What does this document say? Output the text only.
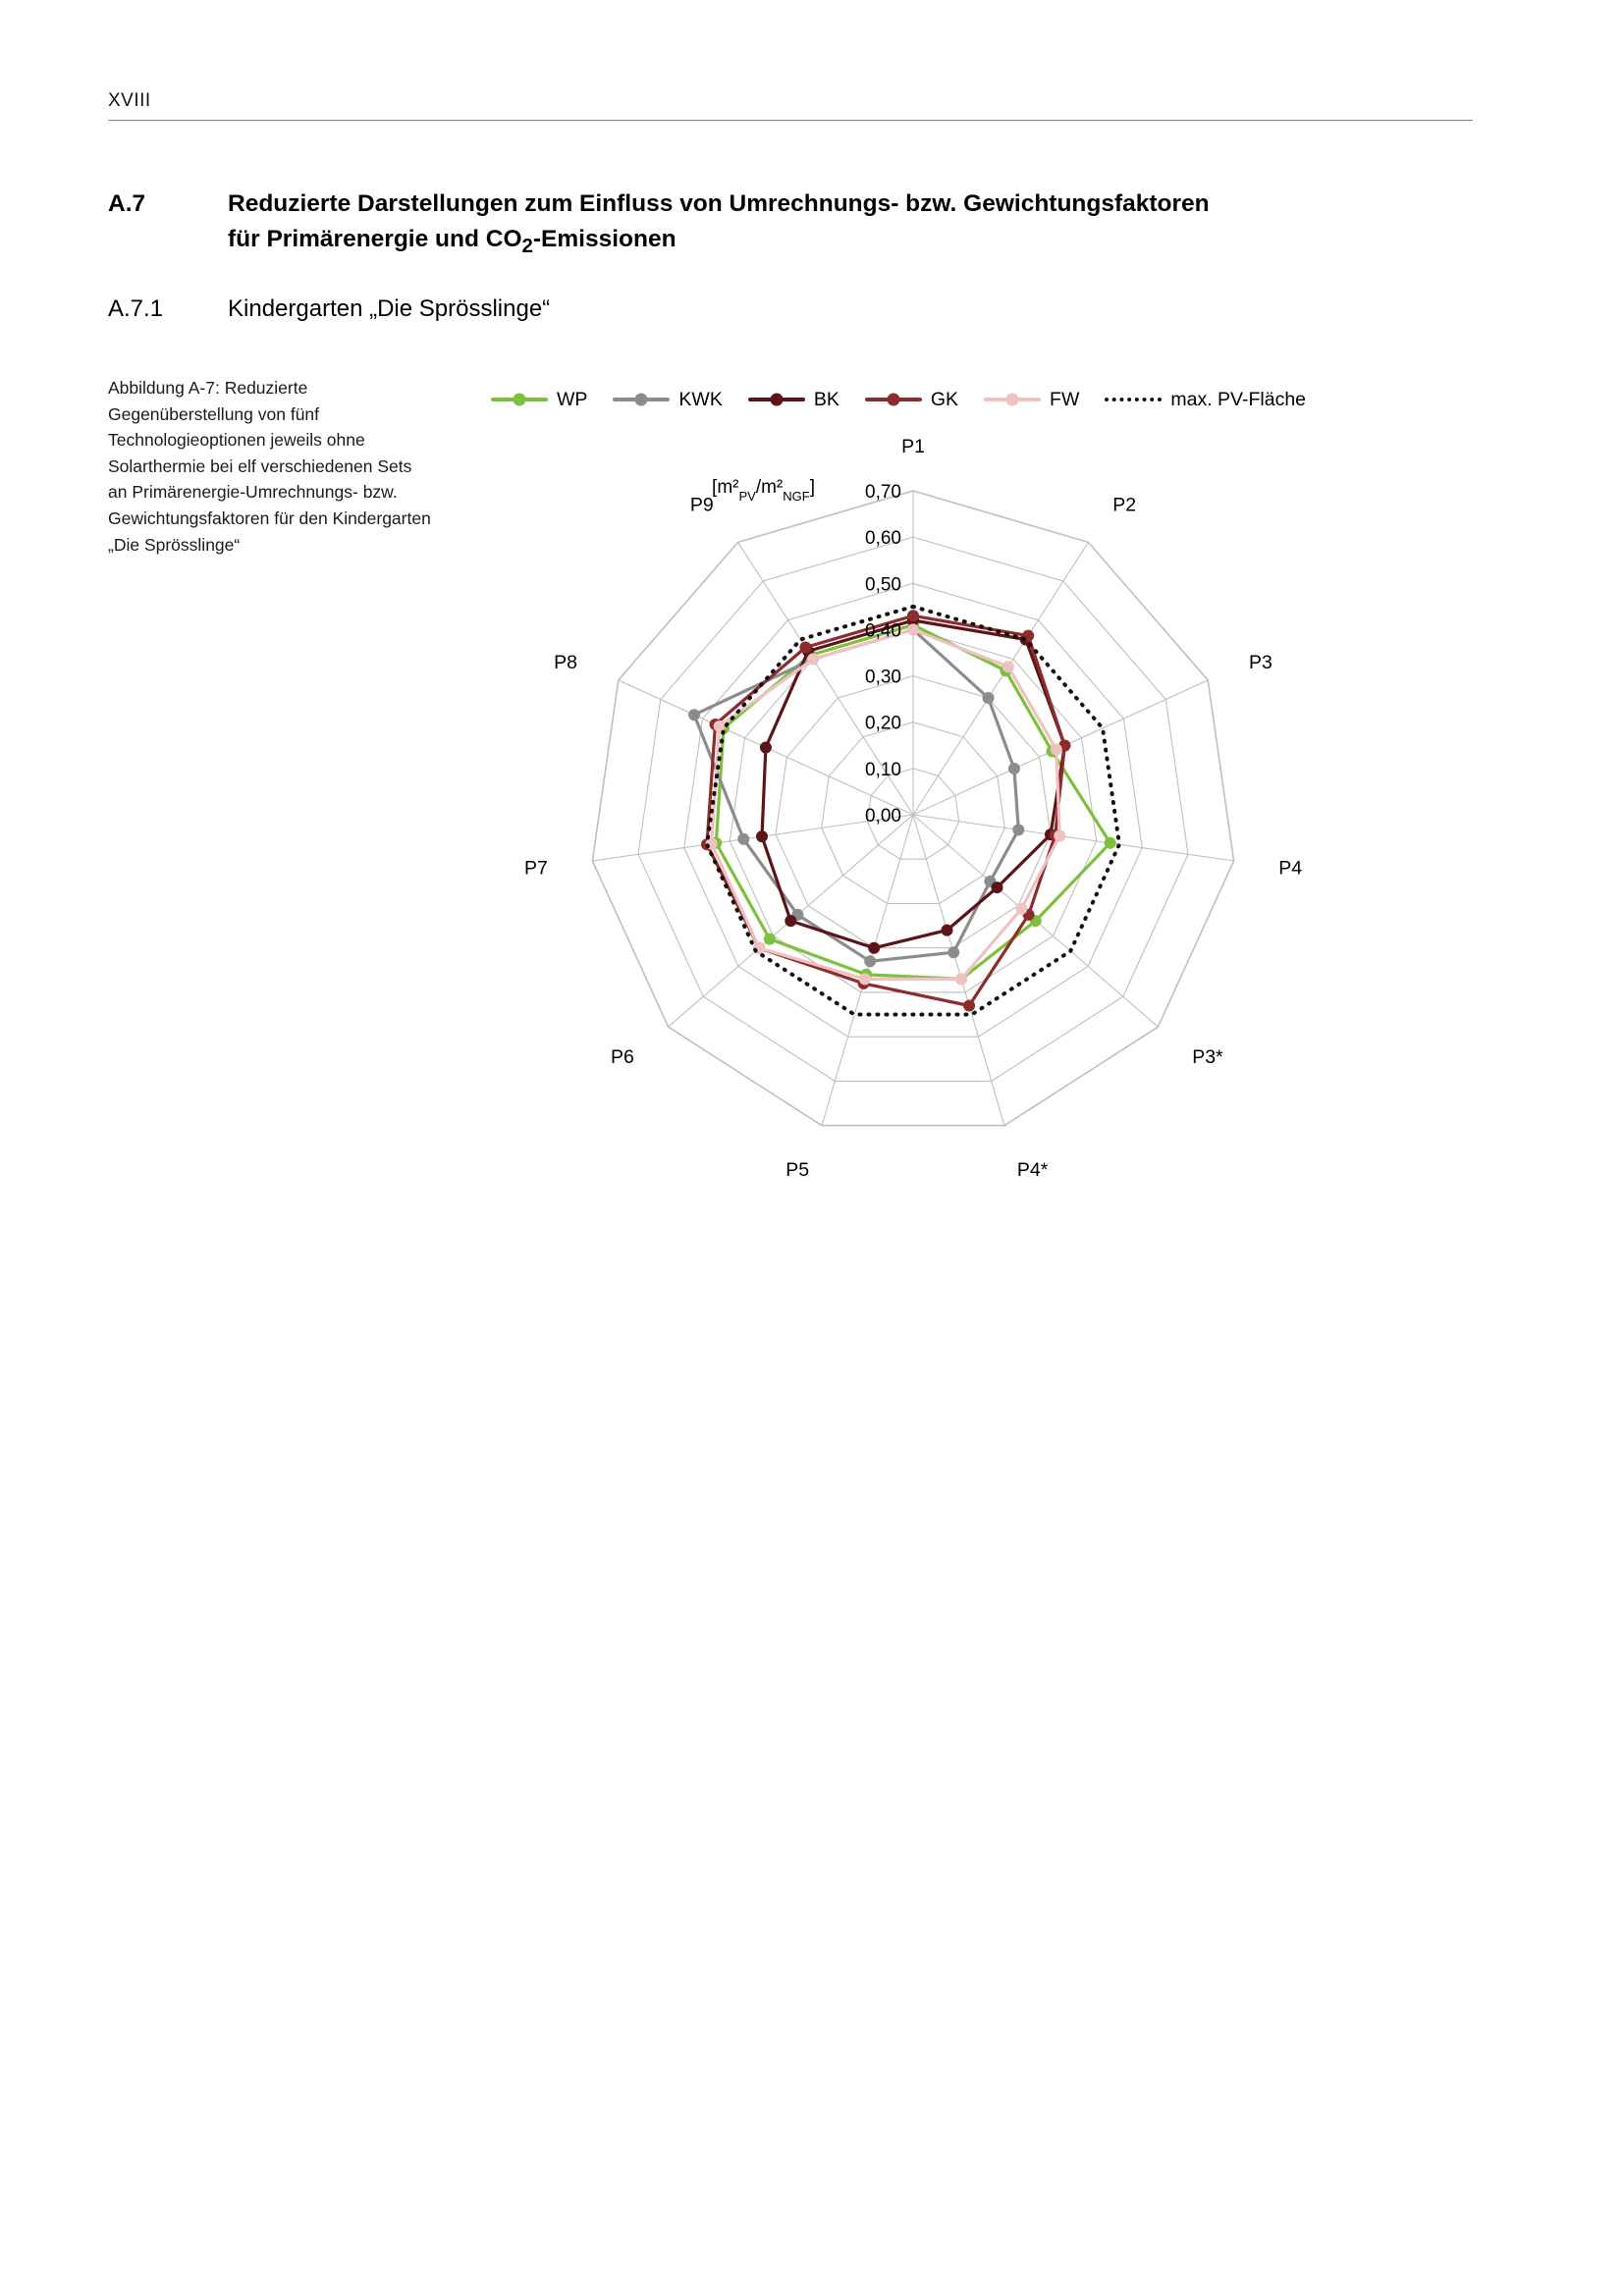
XVIII
A.7	Reduzierte Darstellungen zum Einfluss von Umrechnungs- bzw. Gewichtungsfaktoren
für Primärenergie und $CO_2$-Emissionen
A.7.1	Kindergarten „Die Sprösslinge“
Abbildung A-7: Reduzierte Gegenüberstellung von fünf Technologieoptionen jeweils ohne Solarthermie bei elf verschiedenen Sets an Primärenergie-Umrechnungs- bzw. Gewichtungsfaktoren für den Kindergarten „Die Sprösslinge“
WP	KWK	BK	GK	FW	max. PV-Fläche
0,00
0,10
0,20
0,30
0,40
0,50
0,60
0,70
$[m^2_{PV}/m^2_{NGF}]$
P1
P2
P3
P4
P3*
P4*
P5
P6
P7
P8
P9
